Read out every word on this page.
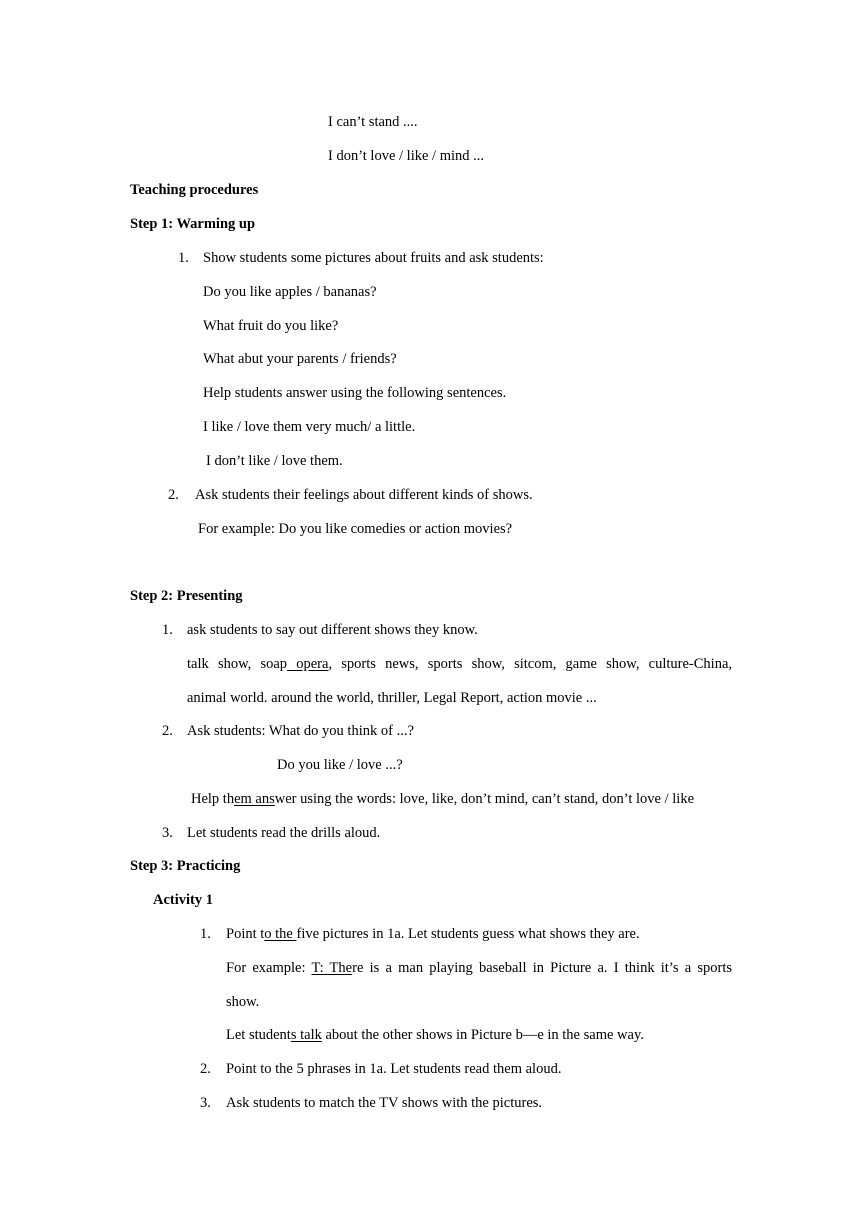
I can’t stand ....
I don’t love / like / mind ...
Teaching procedures
Step 1: Warming up
1. Show students some pictures about fruits and ask students:
Do you like apples / bananas?
What fruit do you like?
What abut your parents / friends?
Help students answer using the following sentences.
I like / love them very much/ a little.
I don’t like / love them.
2. Ask students their feelings about different kinds of shows.
For example: Do you like comedies or action movies?
Step 2: Presenting
1. ask students to say out different shows they know.
talk show, soap opera, sports news, sports show, sitcom, game show, culture-China,
animal world. around the world, thriller, Legal Report, action movie ...
2. Ask students: What do you think of ...?
Do you like / love ...?
Help them answer using the words: love, like, don’t mind, can’t stand, don’t love / like
3. Let students read the drills aloud.
Step 3: Practicing
Activity 1
1. Point to the five pictures in 1a. Let students guess what shows they are.
For example: T: There is a man playing baseball in Picture a. I think it’s a sports
show.
Let students talk about the other shows in Picture b—e in the same way.
2. Point to the 5 phrases in 1a. Let students read them aloud.
3. Ask students to match the TV shows with the pictures.
